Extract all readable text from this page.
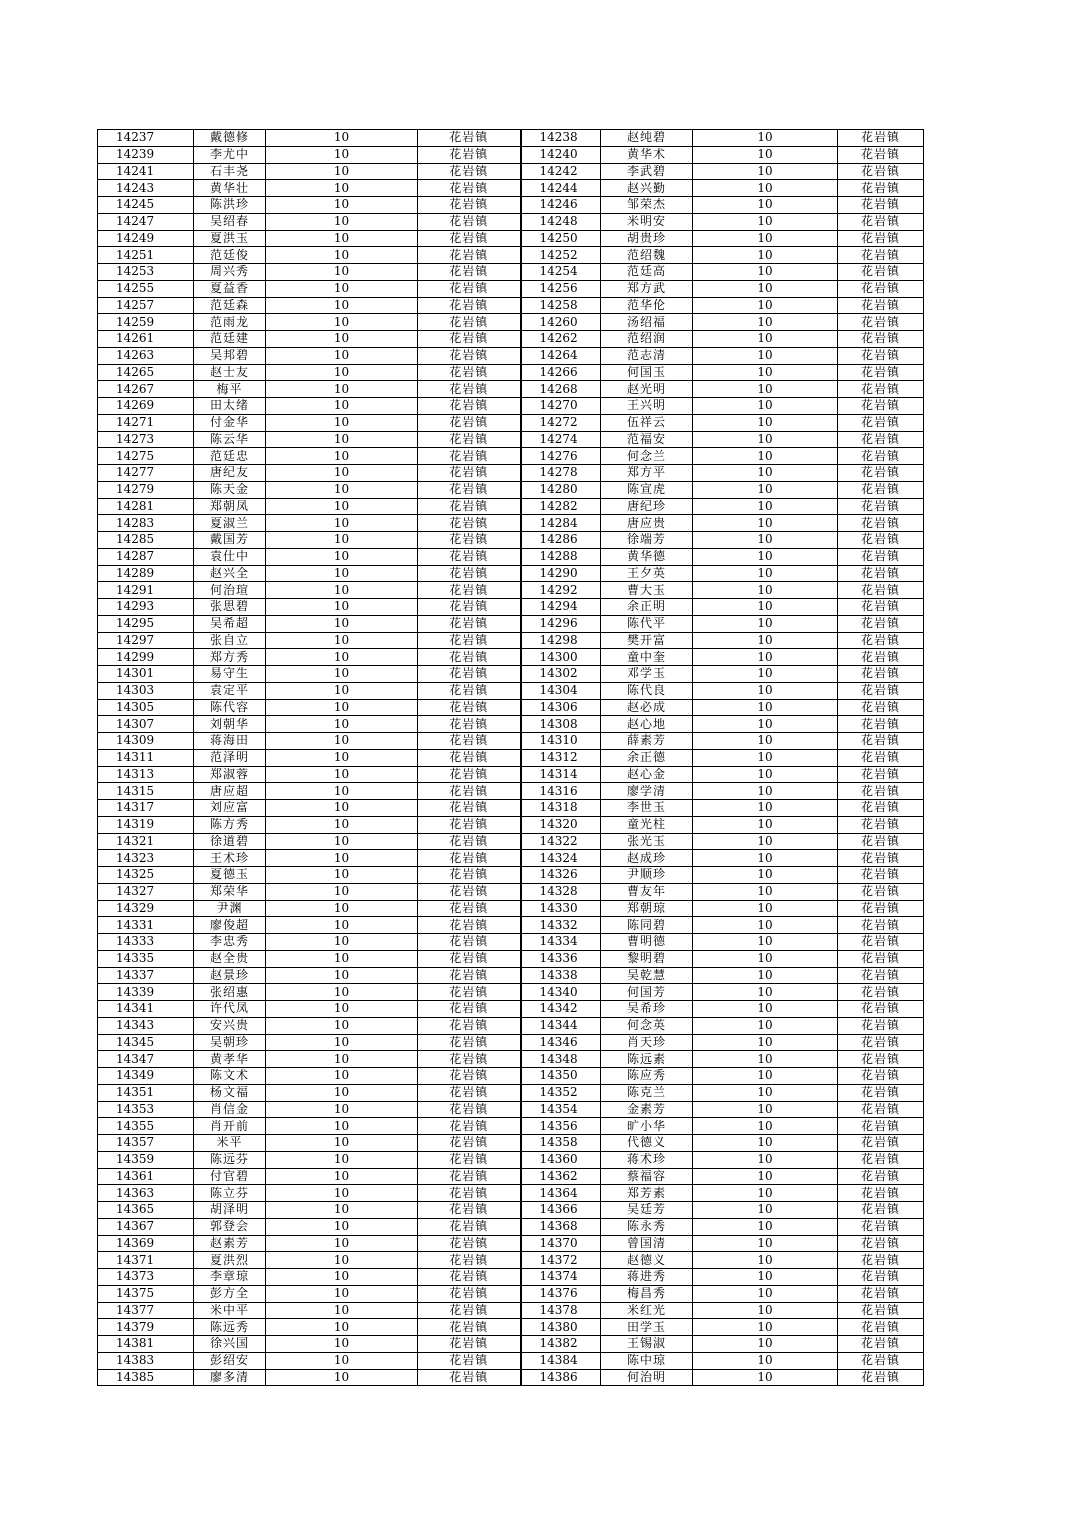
14237	戴德修	10	花岩镇	14238	赵纯碧	10	花岩镇
14239	李尤中	10	花岩镇	14240	黄华术	10	花岩镇
14241	石丰尧	10	花岩镇	14242	李武碧	10	花岩镇
14243	黄华壮	10	花岩镇	14244	赵兴勤	10	花岩镇
14245	陈洪珍	10	花岩镇	14246	邹荣杰	10	花岩镇
14247	吴绍春	10	花岩镇	14248	米明安	10	花岩镇
14249	夏洪玉	10	花岩镇	14250	胡贵珍	10	花岩镇
14251	范廷俊	10	花岩镇	14252	范绍魏	10	花岩镇
14253	周兴秀	10	花岩镇	14254	范廷高	10	花岩镇
14255	夏益香	10	花岩镇	14256	郑方武	10	花岩镇
14257	范廷森	10	花岩镇	14258	范华伦	10	花岩镇
14259	范雨龙	10	花岩镇	14260	汤绍福	10	花岩镇
14261	范廷建	10	花岩镇	14262	范绍润	10	花岩镇
14263	吴邦碧	10	花岩镇	14264	范志清	10	花岩镇
14265	赵士友	10	花岩镇	14266	何国玉	10	花岩镇
14267	梅平	10	花岩镇	14268	赵光明	10	花岩镇
14269	田太绪	10	花岩镇	14270	王兴明	10	花岩镇
14271	付金华	10	花岩镇	14272	伍祥云	10	花岩镇
14273	陈云华	10	花岩镇	14274	范福安	10	花岩镇
14275	范廷忠	10	花岩镇	14276	何念兰	10	花岩镇
14277	唐纪友	10	花岩镇	14278	郑方平	10	花岩镇
14279	陈天金	10	花岩镇	14280	陈宣虎	10	花岩镇
14281	郑朝凤	10	花岩镇	14282	唐纪珍	10	花岩镇
14283	夏淑兰	10	花岩镇	14284	唐应贵	10	花岩镇
14285	戴国芳	10	花岩镇	14286	徐端芳	10	花岩镇
14287	袁仕中	10	花岩镇	14288	黄华德	10	花岩镇
14289	赵兴全	10	花岩镇	14290	王夕英	10	花岩镇
14291	何治瑄	10	花岩镇	14292	曹大玉	10	花岩镇
14293	张思碧	10	花岩镇	14294	余正明	10	花岩镇
14295	吴希超	10	花岩镇	14296	陈代平	10	花岩镇
14297	张自立	10	花岩镇	14298	樊开富	10	花岩镇
14299	郑方秀	10	花岩镇	14300	童中奎	10	花岩镇
14301	易守生	10	花岩镇	14302	邓学玉	10	花岩镇
14303	袁定平	10	花岩镇	14304	陈代良	10	花岩镇
14305	陈代容	10	花岩镇	14306	赵必成	10	花岩镇
14307	刘朝华	10	花岩镇	14308	赵心地	10	花岩镇
14309	蒋海田	10	花岩镇	14310	薛素芳	10	花岩镇
14311	范泽明	10	花岩镇	14312	余正德	10	花岩镇
14313	郑淑蓉	10	花岩镇	14314	赵心金	10	花岩镇
14315	唐应超	10	花岩镇	14316	廖学清	10	花岩镇
14317	刘应富	10	花岩镇	14318	李世玉	10	花岩镇
14319	陈方秀	10	花岩镇	14320	童光柱	10	花岩镇
14321	徐道碧	10	花岩镇	14322	张光玉	10	花岩镇
14323	王术珍	10	花岩镇	14324	赵成珍	10	花岩镇
14325	夏德玉	10	花岩镇	14326	尹顺珍	10	花岩镇
14327	郑荣华	10	花岩镇	14328	曹友年	10	花岩镇
14329	尹渊	10	花岩镇	14330	郑朝琼	10	花岩镇
14331	廖俊超	10	花岩镇	14332	陈同碧	10	花岩镇
14333	李忠秀	10	花岩镇	14334	曹明德	10	花岩镇
14335	赵全贵	10	花岩镇	14336	黎明碧	10	花岩镇
14337	赵景珍	10	花岩镇	14338	吴乾慧	10	花岩镇
14339	张绍惠	10	花岩镇	14340	何国芳	10	花岩镇
14341	许代凤	10	花岩镇	14342	吴希珍	10	花岩镇
14343	安兴贵	10	花岩镇	14344	何念英	10	花岩镇
14345	吴朝珍	10	花岩镇	14346	肖天珍	10	花岩镇
14347	黄孝华	10	花岩镇	14348	陈远素	10	花岩镇
14349	陈文术	10	花岩镇	14350	陈应秀	10	花岩镇
14351	杨文福	10	花岩镇	14352	陈克兰	10	花岩镇
14353	肖信金	10	花岩镇	14354	金素芳	10	花岩镇
14355	肖开前	10	花岩镇	14356	旷小华	10	花岩镇
14357	米平	10	花岩镇	14358	代德义	10	花岩镇
14359	陈远芬	10	花岩镇	14360	蒋术珍	10	花岩镇
14361	付官碧	10	花岩镇	14362	蔡福容	10	花岩镇
14363	陈立芬	10	花岩镇	14364	郑芳素	10	花岩镇
14365	胡泽明	10	花岩镇	14366	吴廷芳	10	花岩镇
14367	郭登会	10	花岩镇	14368	陈永秀	10	花岩镇
14369	赵素芳	10	花岩镇	14370	曾国清	10	花岩镇
14371	夏洪烈	10	花岩镇	14372	赵德义	10	花岩镇
14373	李章琼	10	花岩镇	14374	蒋进秀	10	花岩镇
14375	彭方全	10	花岩镇	14376	梅昌秀	10	花岩镇
14377	米中平	10	花岩镇	14378	米红光	10	花岩镇
14379	陈远秀	10	花岩镇	14380	田学玉	10	花岩镇
14381	徐兴国	10	花岩镇	14382	王锡淑	10	花岩镇
14383	彭绍安	10	花岩镇	14384	陈中琼	10	花岩镇
14385	廖多清	10	花岩镇	14386	何治明	10	花岩镇
